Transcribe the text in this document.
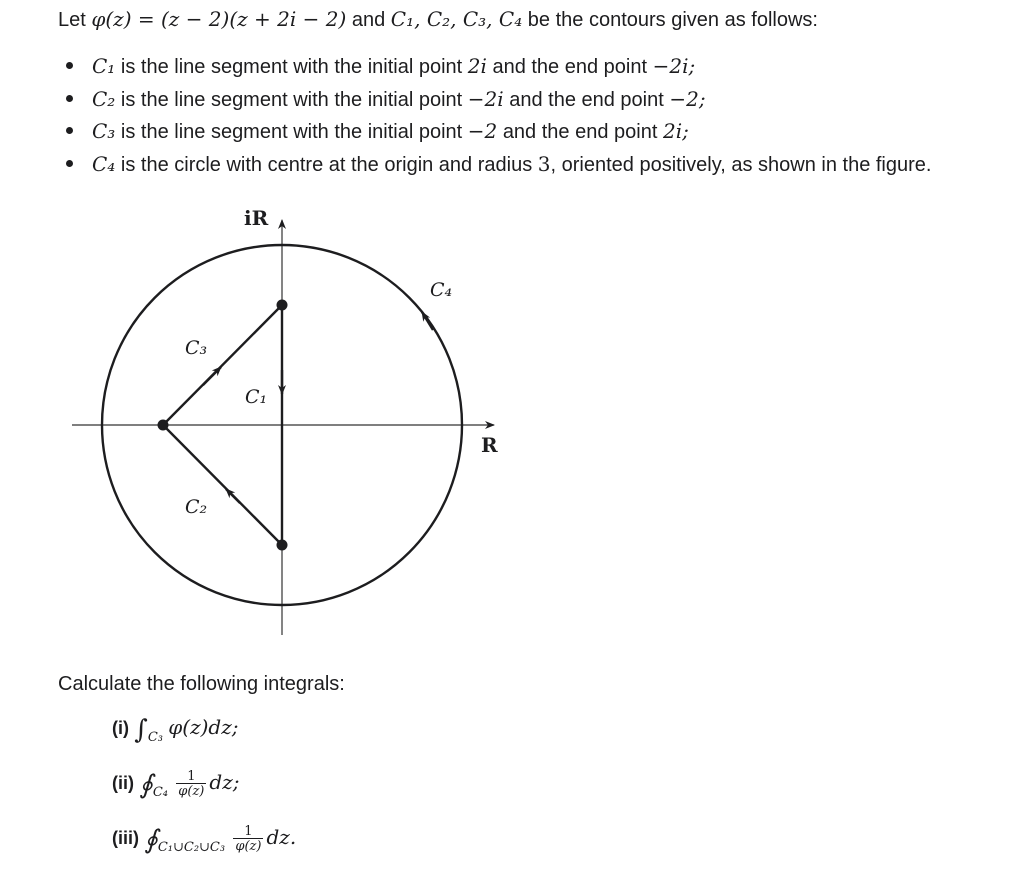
Let φ(z) = (z − 2)(z + 2i − 2) and C₁, C₂, C₃, C₄ be the contours given as follows:
C₁ is the line segment with the initial point 2i and the end point −2i;
C₂ is the line segment with the initial point −2i and the end point −2;
C₃ is the line segment with the initial point −2 and the end point 2i;
C₄ is the circle with centre at the origin and radius 3, oriented positively, as shown in the figure.
iR
R
C₁
C₂
C₃
C₄
Calculate the following integrals:
(i) $\int_{C_3}$ φ(z)dz;
(ii) $∮_{C_4} \frac{1}{\varphi(z)}$ dz;
(iii) $∮_{C_1\cup C_2\cup C_3} \frac{1}{\varphi(z)}$ dz.
